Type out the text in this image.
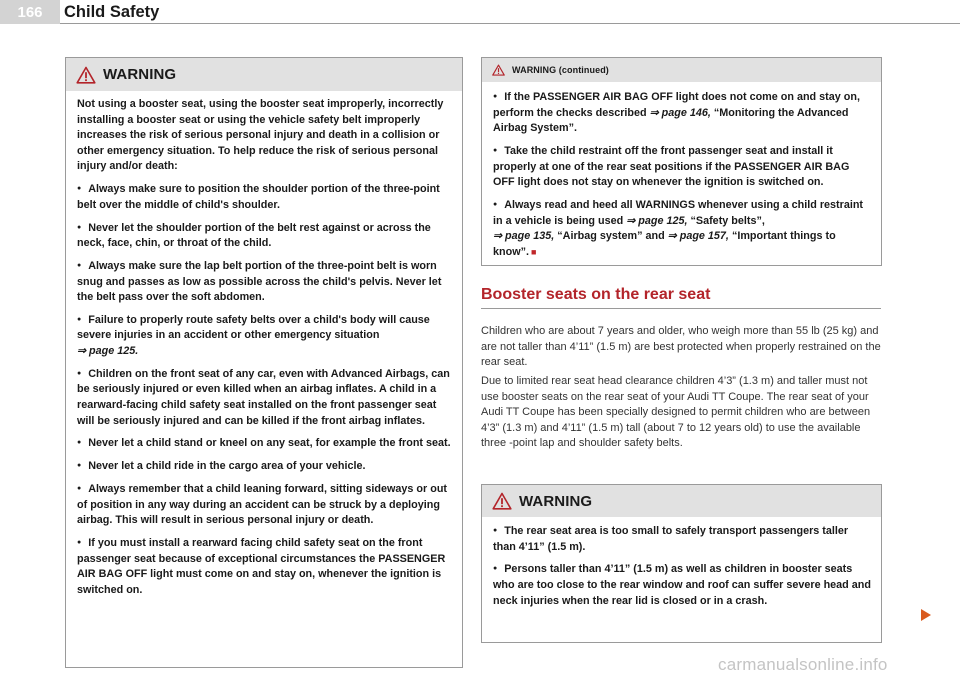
166	Child Safety
WARNING

Not using a booster seat, using the booster seat improperly, incorrectly installing a booster seat or using the vehicle safety belt improperly increases the risk of serious personal injury and death in a collision or other emergency situation. To help reduce the risk of serious personal injury and/or death:

● Always make sure to position the shoulder portion of the three-point belt over the middle of child's shoulder.

● Never let the shoulder portion of the belt rest against or across the neck, face, chin, or throat of the child.

● Always make sure the lap belt portion of the three-point belt is worn snug and passes as low as possible across the child's pelvis. Never let the belt pass over the soft abdomen.

● Failure to properly route safety belts over a child's body will cause severe injuries in an accident or other emergency situation
⇒ page 125.

● Children on the front seat of any car, even with Advanced Airbags, can be seriously injured or even killed when an airbag inflates. A child in a rearward-facing child safety seat installed on the front passenger seat will be seriously injured and can be killed if the front airbag inflates.

● Never let a child stand or kneel on any seat, for example the front seat.

● Never let a child ride in the cargo area of your vehicle.

● Always remember that a child leaning forward, sitting sideways or out of position in any way during an accident can be struck by a deploying airbag. This will result in serious personal injury or death.

● If you must install a rearward facing child safety seat on the front passenger seat because of exceptional circumstances the PASSENGER AIR BAG OFF light must come on and stay on, whenever the ignition is switched on.

WARNING (continued)

● If the PASSENGER AIR BAG OFF light does not come on and stay on, perform the checks described ⇒ page 146, “Monitoring the Advanced Airbag System”.

● Take the child restraint off the front passenger seat and install it properly at one of the rear seat positions if the PASSENGER AIR BAG OFF light does not stay on whenever the ignition is switched on.

● Always read and heed all WARNINGS whenever using a child restraint in a vehicle is being used ⇒ page 125, “Safety belts”,
⇒ page 135, “Airbag system” and ⇒ page 157, “Important things to know”. ■

Booster seats on the rear seat

Children who are about 7 years and older, who weigh more than 55 lb (25 kg) and are not taller than 4’11” (1.5 m) are best protected when properly restrained on the rear seat.

Due to limited rear seat head clearance children 4’3” (1.3 m) and taller must not use booster seats on the rear seat of your Audi TT Coupe. The rear seat of your Audi TT Coupe has been specially designed to permit children who are between 4’3” (1.3 m) and 4’11” (1.5 m) tall (about 7 to 12 years old) to use the available three -point lap and shoulder safety belts.

WARNING

● The rear seat area is too small to safely transport passengers taller than 4’11” (1.5 m).

● Persons taller than 4’11” (1.5 m) as well as children in booster seats who are too close to the rear window and roof can suffer severe head and neck injuries when the rear lid is closed or in a crash.

carmanualsonline.info
